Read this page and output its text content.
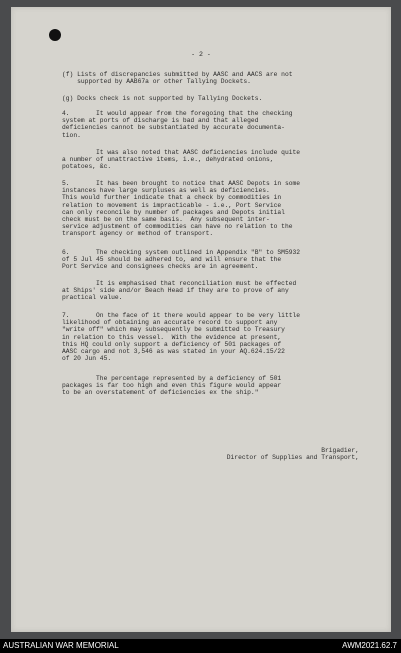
- 2 -
(f) Lists of discrepancies submitted by AASC and AACS are not
supported by AAB67a or other Tallying Dockets.
(g) Docks check is not supported by Tallying Dockets.
4.       It would appear from the foregoing that the checking
system at ports of discharge is bad and that alleged
deficiencies cannot be substantiated by accurate documenta-
tion.
It was also noted that AASC deficiencies include quite
a number of unattractive items, i.e., dehydrated onions,
potatoes, &c.
5.       It has been brought to notice that AASC Depots in some
instances have large surpluses as well as deficiencies.
This would further indicate that a check by commodities in
relation to movement is impracticable - i.e., Port Service
can only reconcile by number of packages and Depots initial
check must be on the same basis.  Any subsequent inter-
service adjustment of commodities can have no relation to the
transport agency or method of transport.
6.       The checking system outlined in Appendix "B" to SM5932
of 5 Jul 45 should be adhered to, and will ensure that the
Port Service and consignees checks are in agreement.
It is emphasised that reconciliation must be effected
at Ships' side and/or Beach Head if they are to prove of any
practical value.
7.       On the face of it there would appear to be very little
likelihood of obtaining an accurate record to support any
"write off" which may subsequently be submitted to Treasury
in relation to this vessel.  With the evidence at present,
this HQ could only support a deficiency of 501 packages of
AASC cargo and not 3,546 as was stated in your AQ.624.15/22
of 20 Jun 45.
The percentage represented by a deficiency of 501
packages is far too high and even this figure would appear
to be an overstatement of deficiencies ex the ship."
Brigadier,
Director of Supplies and Transport,
AUSTRALIAN WAR MEMORIAL	AWM2021.62.7
